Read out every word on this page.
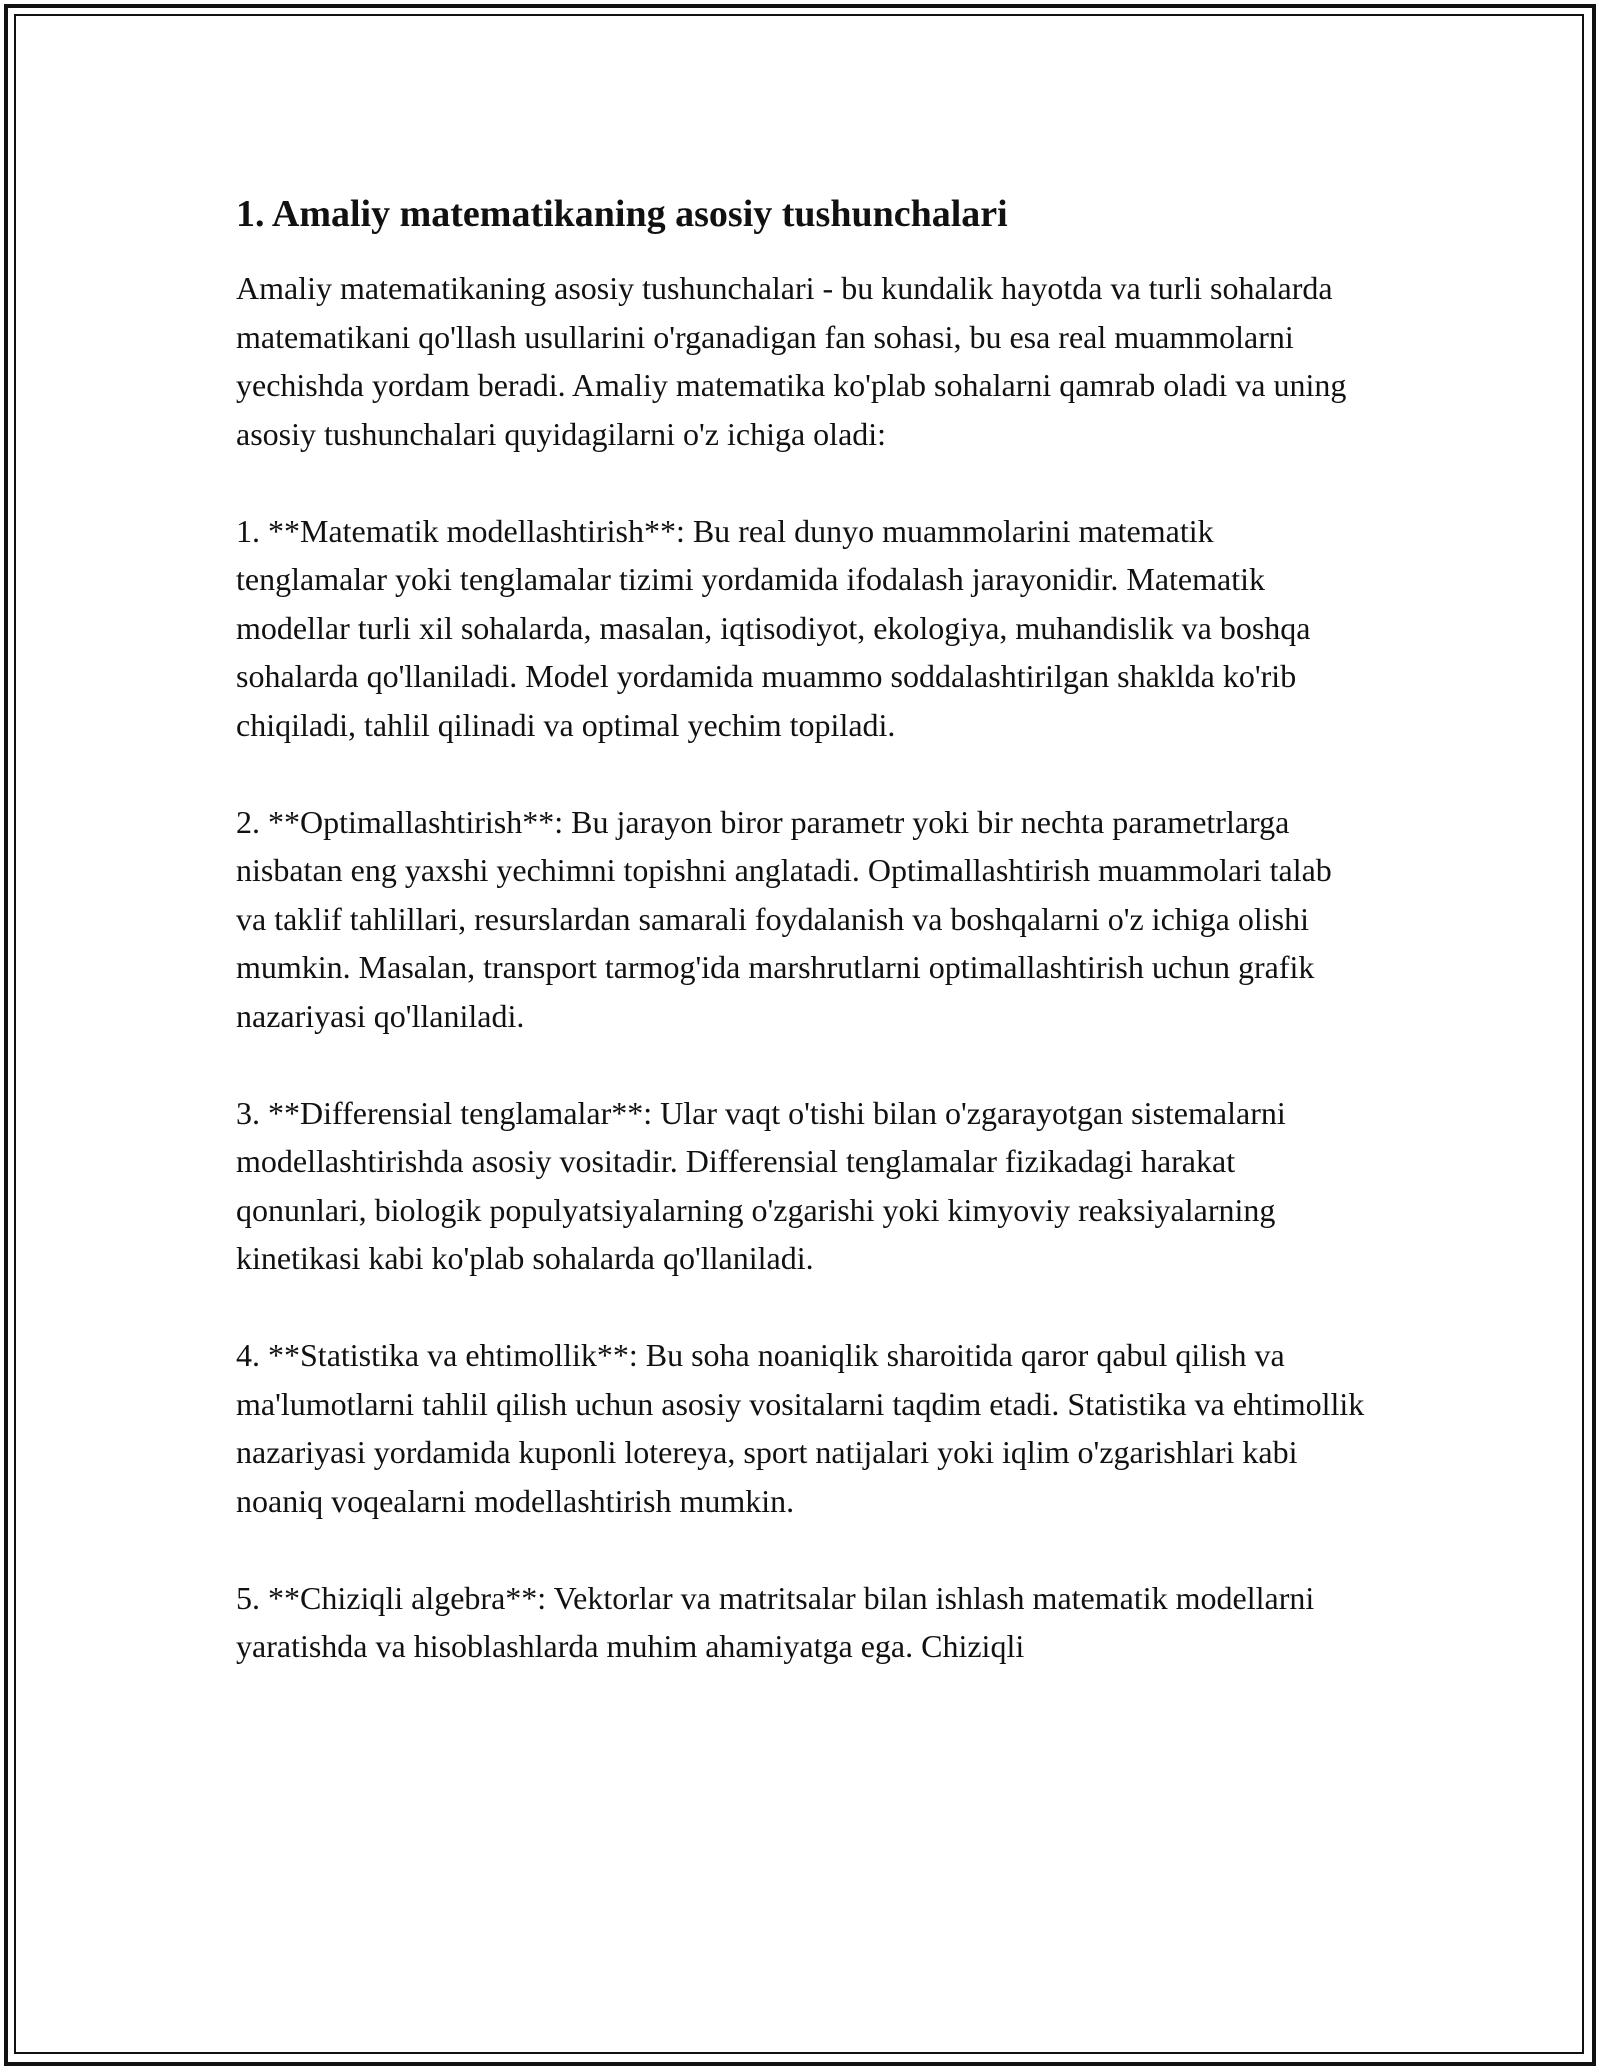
1. Amaliy matematikaning asosiy tushunchalari

Amaliy matematikaning asosiy tushunchalari - bu kundalik hayotda va turli sohalarda matematikani qo'llash usullarini o'rganadigan fan sohasi, bu esa real muammolarni yechishda yordam beradi. Amaliy matematika ko'plab sohalarni qamrab oladi va uning asosiy tushunchalari quyidagilarni o'z ichiga oladi:

1. **Matematik modellashtirish**: Bu real dunyo muammolarini matematik tenglamalar yoki tenglamalar tizimi yordamida ifodalash jarayonidir. Matematik modellar turli xil sohalarda, masalan, iqtisodiyot, ekologiya, muhandislik va boshqa sohalarda qo'llaniladi. Model yordamida muammo soddalashtirilgan shaklda ko'rib chiqiladi, tahlil qilinadi va optimal yechim topiladi.

2. **Optimallashtirish**: Bu jarayon biror parametr yoki bir nechta parametrlarga nisbatan eng yaxshi yechimni topishni anglatadi. Optimallashtirish muammolari talab va taklif tahlillari, resurslardan samarali foydalanish va boshqalarni o'z ichiga olishi mumkin. Masalan, transport tarmog'ida marshrutlarni optimallashtirish uchun grafik nazariyasi qo'llaniladi.

3. **Differensial tenglamalar**: Ular vaqt o'tishi bilan o'zgarayotgan sistemalarni modellashtirishda asosiy vositadir. Differensial tenglamalar fizikadagi harakat qonunlari, biologik populyatsiyalarning o'zgarishi yoki kimyoviy reaksiyalarning kinetikasi kabi ko'plab sohalarda qo'llaniladi.

4. **Statistika va ehtimollik**: Bu soha noaniqlik sharoitida qaror qabul qilish va ma'lumotlarni tahlil qilish uchun asosiy vositalarni taqdim etadi. Statistika va ehtimollik nazariyasi yordamida kuponli lotereya, sport natijalari yoki iqlim o'zgarishlari kabi noaniq voqealarni modellashtirish mumkin.

5. **Chiziqli algebra**: Vektorlar va matritsalar bilan ishlash matematik modellarni yaratishda va hisoblashlarda muhim ahamiyatga ega. Chiziqli
